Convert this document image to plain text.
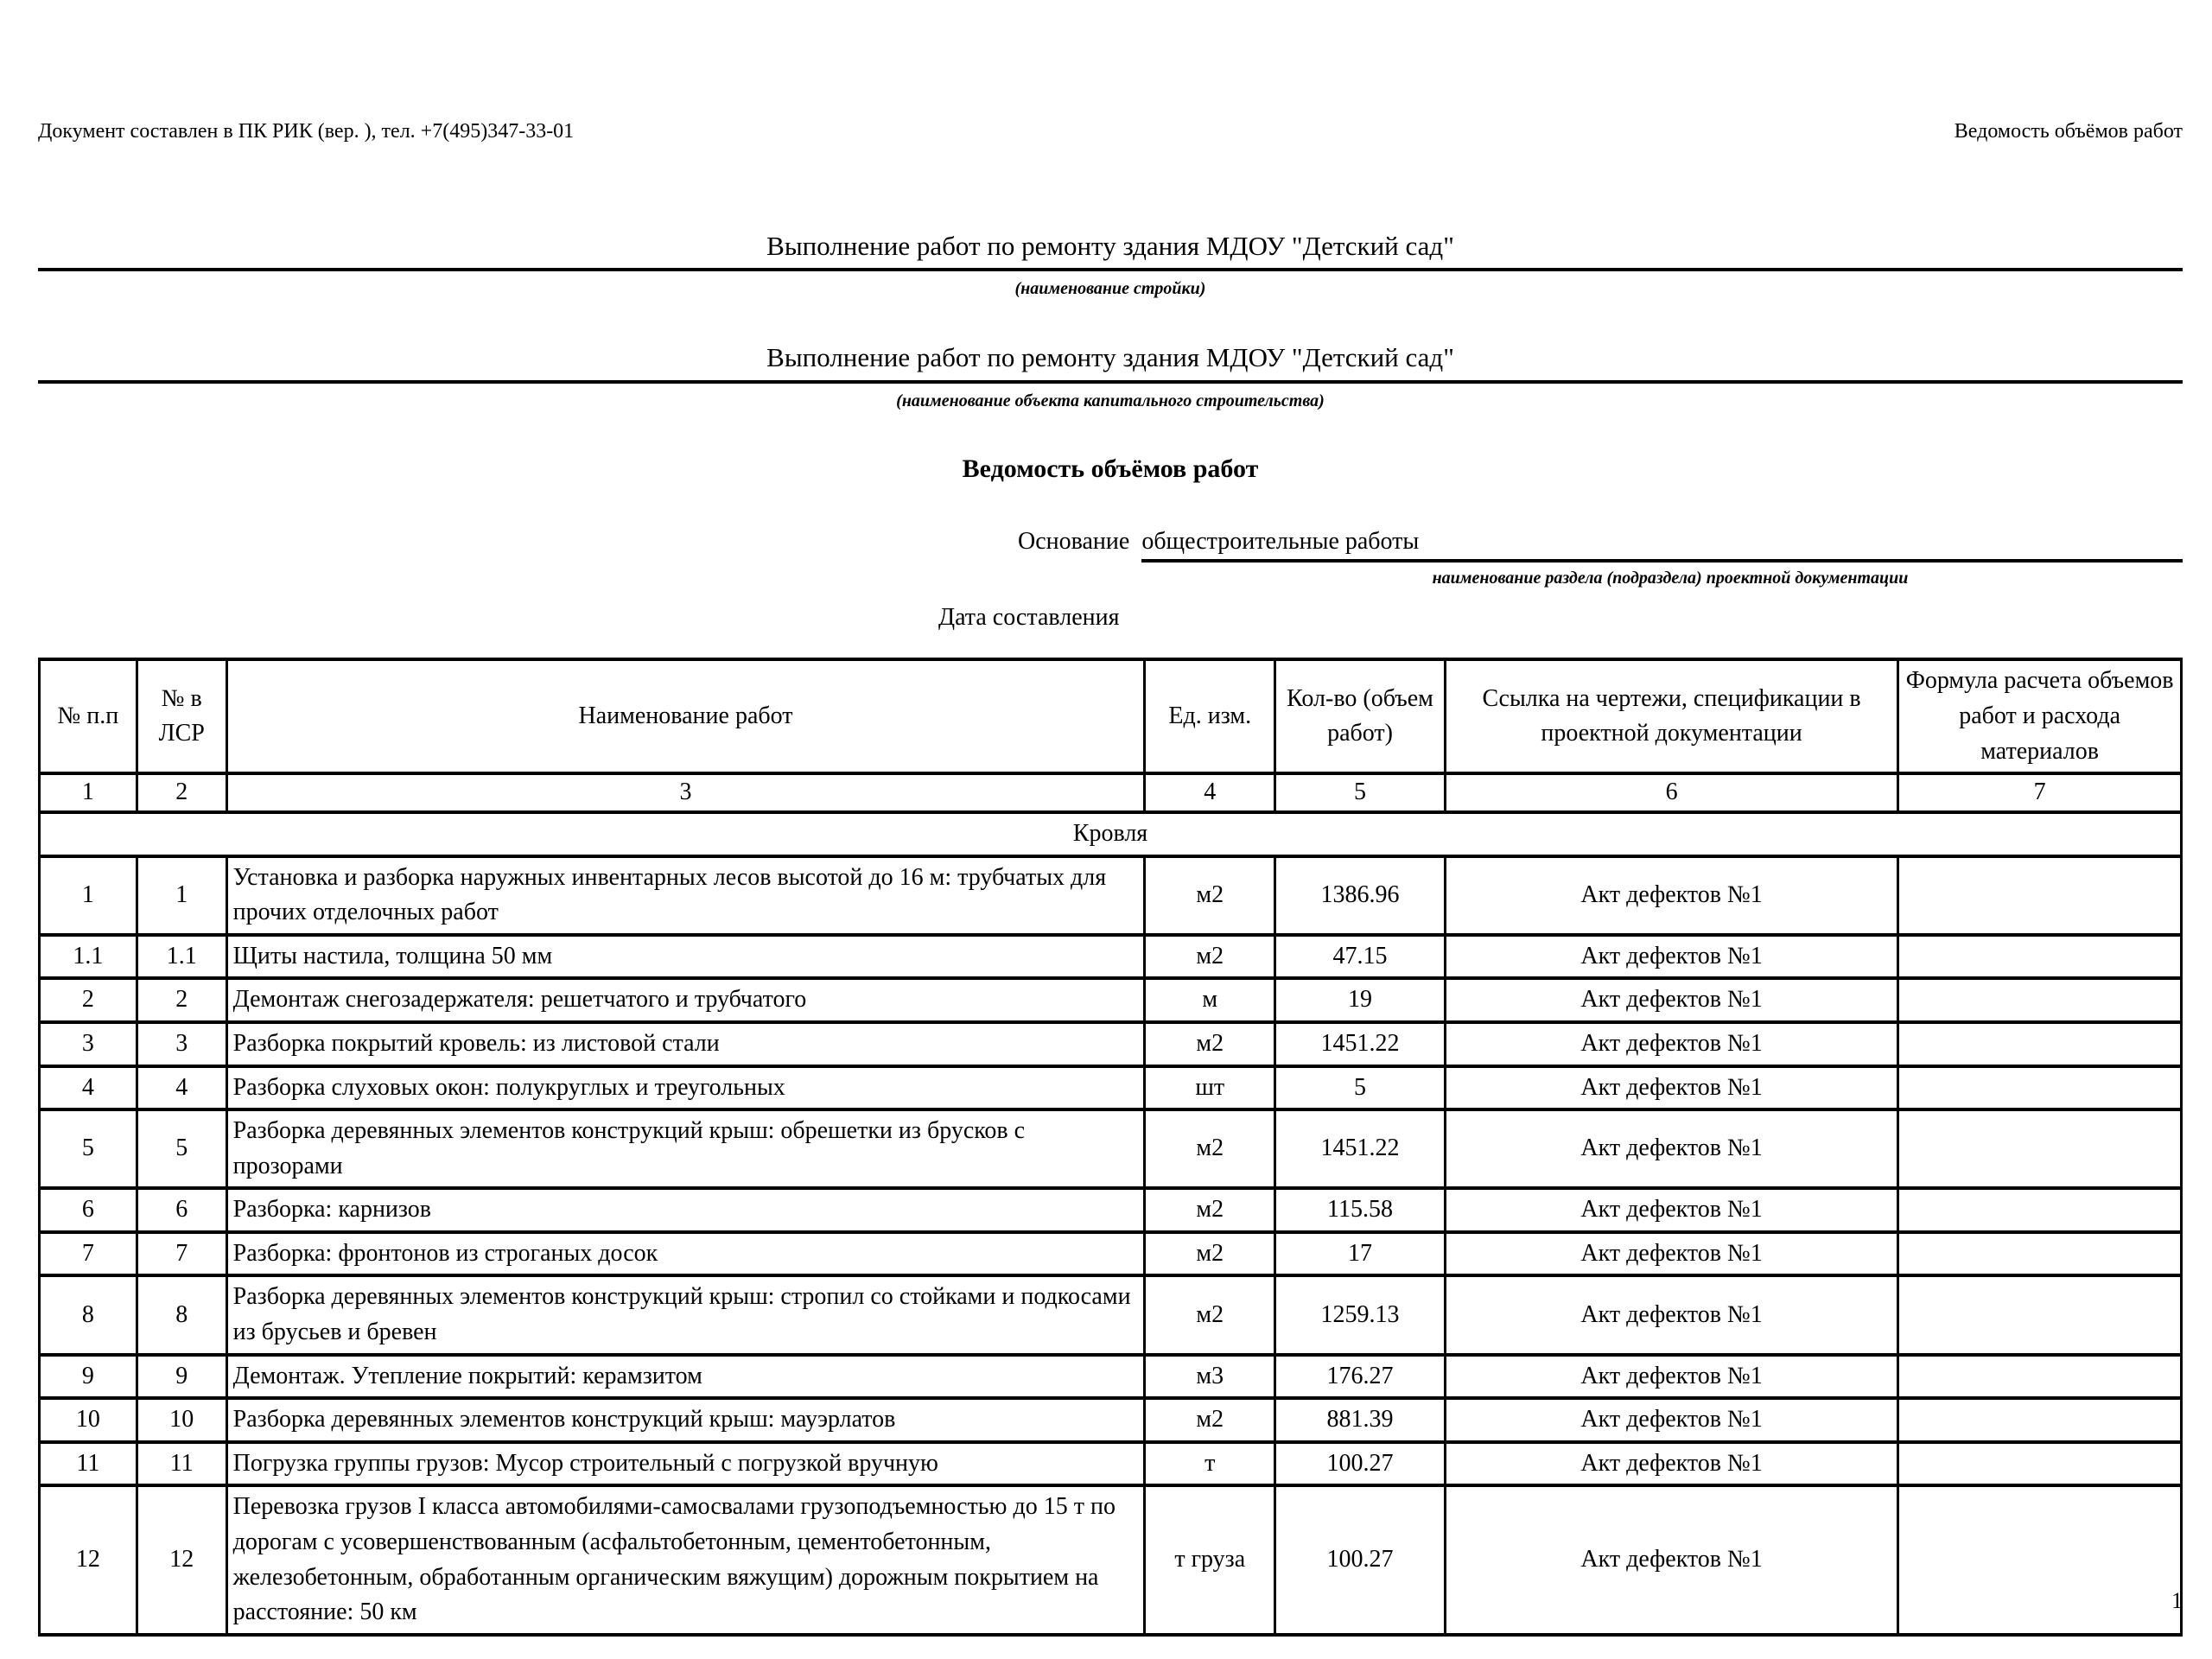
Документ составлен в ПК РИК (вер. ), тел. +7(495)347-33-01	Ведомость объёмов работ
Выполнение работ по ремонту здания МДОУ "Детский сад"
(наименование стройки)
Выполнение работ по ремонту здания МДОУ "Детский сад"
(наименование объекта капитального строительства)
Ведомость объёмов работ
Основание общестроительные работы
наименование раздела (подраздела) проектной документации
Дата составления
№ п.п	№ в ЛСР	Наименование работ	Ед. изм.	Кол-во (объем работ)	Ссылка на чертежи, спецификации в проектной документации	Формула расчета объемов работ и расхода материалов
1	2	3	4	5	6	7
Кровля						
1	1	Установка и разборка наружных инвентарных лесов высотой до 16 м: трубчатых для прочих отделочных работ	м2	1386.96	Акт дефектов №1	
1.1	1.1	Щиты настила, толщина 50 мм	м2	47.15	Акт дефектов №1	
2	2	Демонтаж снегозадержателя: решетчатого и трубчатого	м	19	Акт дефектов №1	
3	3	Разборка покрытий кровель: из листовой стали	м2	1451.22	Акт дефектов №1	
4	4	Разборка слуховых окон: полукруглых и треугольных	шт	5	Акт дефектов №1	
5	5	Разборка деревянных элементов конструкций крыш: обрешетки из брусков с прозорами	м2	1451.22	Акт дефектов №1	
6	6	Разборка: карнизов	м2	115.58	Акт дефектов №1	
7	7	Разборка: фронтонов из строганых досок	м2	17	Акт дефектов №1	
8	8	Разборка деревянных элементов конструкций крыш: стропил со стойками и подкосами из брусьев и бревен	м2	1259.13	Акт дефектов №1	
9	9	Демонтаж. Утепление покрытий: керамзитом	м3	176.27	Акт дефектов №1	
10	10	Разборка деревянных элементов конструкций крыш: мауэрлатов	м2	881.39	Акт дефектов №1	
11	11	Погрузка группы грузов: Мусор строительный с погрузкой вручную	т	100.27	Акт дефектов №1	
12	12	Перевозка грузов I класса автомобилями-самосвалами грузоподъемностью до 15 т по дорогам с усовершенствованным (асфальтобетонным, цементобетонным, железобетонным, обработанным органическим вяжущим) дорожным покрытием на расстояние: 50 км	т груза	100.27	Акт дефектов №1	
1
